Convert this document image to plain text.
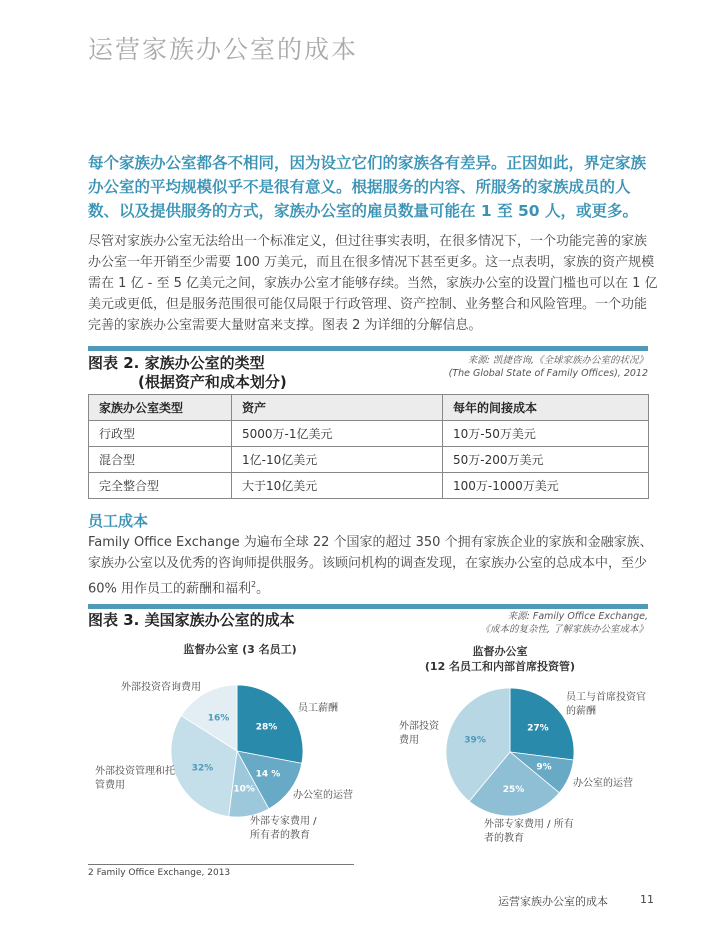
运营家族办公室的成本
每个家族办公室都各不相同，因为设立它们的家族各有差异。正因如此，界定家族办公室的平均规模似乎不是很有意义。根据服务的内容、所服务的家族成员的人数、以及提供服务的方式，家族办公室的雇员数量可能在 1 至 50 人，或更多。
尽管对家族办公室无法给出一个标准定义，但过往事实表明，在很多情况下，一个功能完善的家族办公室一年开销至少需要 100 万美元，而且在很多情况下甚至更多。这一点表明，家族的资产规模需在 1 亿 - 至 5 亿美元之间，家族办公室才能够存续。当然，家族办公室的设置门槛也可以在 1 亿美元或更低，但是服务范围很可能仅局限于行政管理、资产控制、业务整合和风险管理。一个功能完善的家族办公室需要大量财富来支撑。图表 2 为详细的分解信息。
图表 2. 家族办公室的类型
(根据资产和成本划分)
来源: 凯捷咨询,《全球家族办公室的状况》
(The Global State of Family Offices), 2012
家族办公室类型	资产	每年的间接成本
行政型	5000万-1亿美元	10万-50万美元
混合型	1亿-10亿美元	50万-200万美元
完全整合型	大于10亿美元	100万-1000万美元
员工成本
Family Office Exchange 为遍布全球 22 个国家的超过 350 个拥有家族企业的家族和金融家族、家族办公室以及优秀的咨询师提供服务。该顾问机构的调查发现，在家族办公室的总成本中，至少 60% 用作员工的薪酬和福利$^2$。
图表 3. 美国家族办公室的成本	来源: Family Office Exchange,
《成本的复杂性, 了解家族办公室成本》
监督办公室 (3 名员工)
28%
14 %
10%
32%
16%
外部投资咨询费用
员工薪酬
外部投资管理和托管费用
办公室的运营
外部专家费用 / 所有者的教育
监督办公室
(12 名员工和内部首席投资管)
27%
9%
25%
39%
员工与首席投资官的薪酬
外部投资费用
办公室的运营
外部专家费用 / 所有者的教育
2 Family Office Exchange, 2013
运营家族办公室的成本	11
